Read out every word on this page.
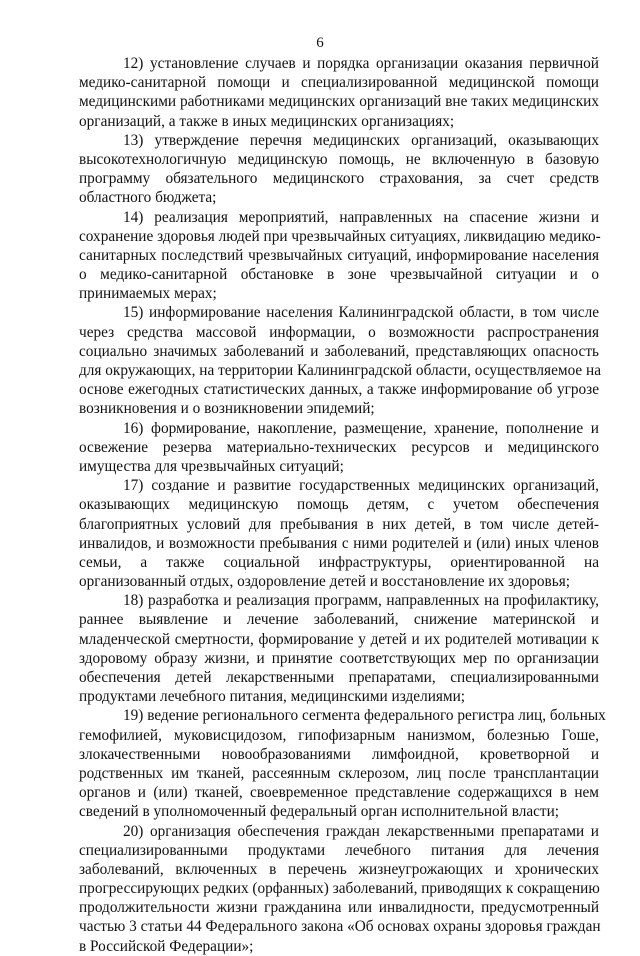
6
12) установление случаев и порядка организации оказания первичной
медико-санитарной помощи и специализированной медицинской помощи
медицинскими работниками медицинских организаций вне таких медицинских
организаций, а также в иных медицинских организациях;
13) утверждение перечня медицинских организаций, оказывающих
высокотехнологичную медицинскую помощь, не включенную в базовую
программу обязательного медицинского страхования, за счет средств
областного бюджета;
14) реализация мероприятий, направленных на спасение жизни и
сохранение здоровья людей при чрезвычайных ситуациях, ликвидацию медико-
санитарных последствий чрезвычайных ситуаций, информирование населения
о медико-санитарной обстановке в зоне чрезвычайной ситуации и о
принимаемых мерах;
15) информирование населения Калининградской области, в том числе
через средства массовой информации, о возможности распространения
социально значимых заболеваний и заболеваний, представляющих опасность
для окружающих, на территории Калининградской области, осуществляемое на
основе ежегодных статистических данных, а также информирование об угрозе
возникновения и о возникновении эпидемий;
16) формирование, накопление, размещение, хранение, пополнение и
освежение резерва материально-технических ресурсов и медицинского
имущества для чрезвычайных ситуаций;
17) создание и развитие государственных медицинских организаций,
оказывающих медицинскую помощь детям, с учетом обеспечения
благоприятных условий для пребывания в них детей, в том числе детей-
инвалидов, и возможности пребывания с ними родителей и (или) иных членов
семьи, а также социальной инфраструктуры, ориентированной на
организованный отдых, оздоровление детей и восстановление их здоровья;
18) разработка и реализация программ, направленных на профилактику,
раннее выявление и лечение заболеваний, снижение материнской и
младенческой смертности, формирование у детей и их родителей мотивации к
здоровому образу жизни, и принятие соответствующих мер по организации
обеспечения детей лекарственными препаратами, специализированными
продуктами лечебного питания, медицинскими изделиями;
19) ведение регионального сегмента федерального регистра лиц, больных
гемофилией, муковисцидозом, гипофизарным нанизмом, болезнью Гоше,
злокачественными новообразованиями лимфоидной, кроветворной и
родственных им тканей, рассеянным склерозом, лиц после трансплантации
органов и (или) тканей, своевременное представление содержащихся в нем
сведений в уполномоченный федеральный орган исполнительной власти;
20) организация обеспечения граждан лекарственными препаратами и
специализированными продуктами лечебного питания для лечения
заболеваний, включенных в перечень жизнеугрожающих и хронических
прогрессирующих редких (орфанных) заболеваний, приводящих к сокращению
продолжительности жизни гражданина или инвалидности, предусмотренный
частью 3 статьи 44 Федерального закона «Об основах охраны здоровья граждан
в Российской Федерации»;
